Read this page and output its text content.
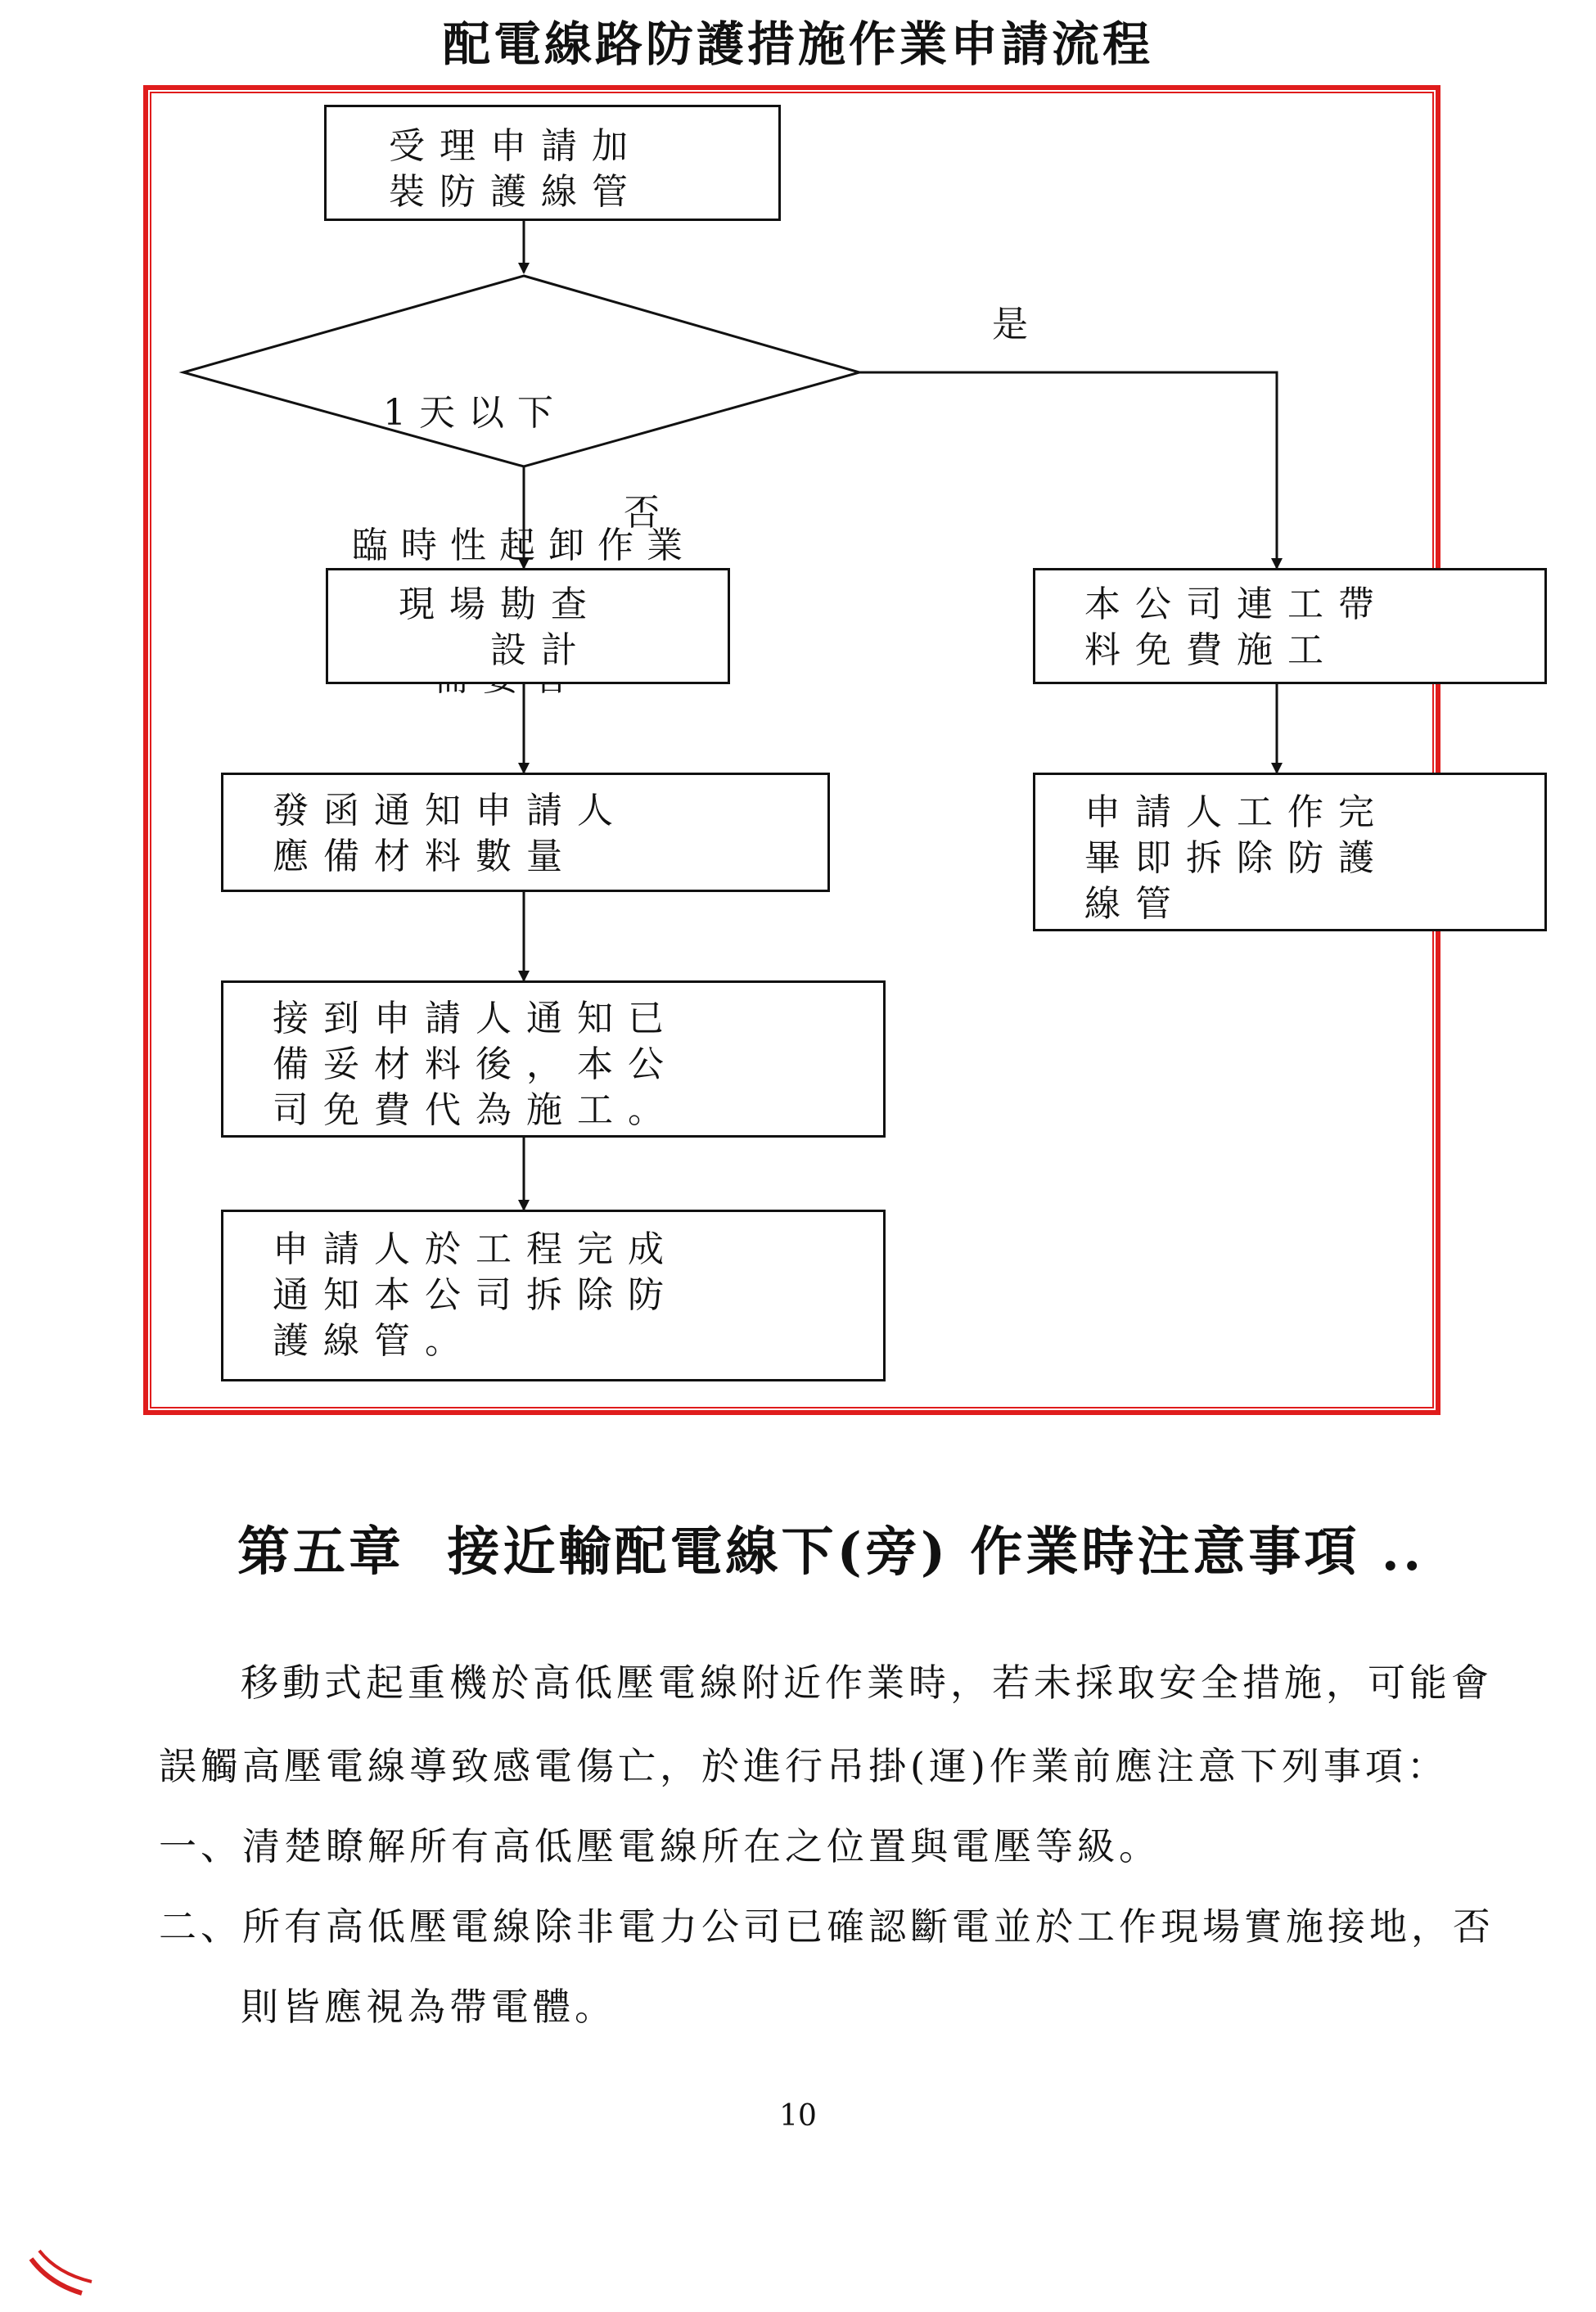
配電線路防護措施作業申請流程
受理申請加
裝防護線管

1天以下

臨時性起卸作業

是
否
現場勘查
設計
發函通知申請人
應備材料數量
接到申請人通知已
備妥材料後，本公
司免費代為施工。
申請人於工程完成
通知本公司拆除防
護線管。
本公司連工帶
料免費施工
申請人工作完
畢即拆除防護
線管
第五章  接近輸配電線下(旁) 作業時注意事項 ..
移動式起重機於高低壓電線附近作業時，若未採取安全措施，可能會
誤觸高壓電線導致感電傷亡，於進行吊掛(運)作業前應注意下列事項：
一、清楚瞭解所有高低壓電線所在之位置與電壓等級。
二、所有高低壓電線除非電力公司已確認斷電並於工作現場實施接地，否
則皆應視為帶電體。
10
